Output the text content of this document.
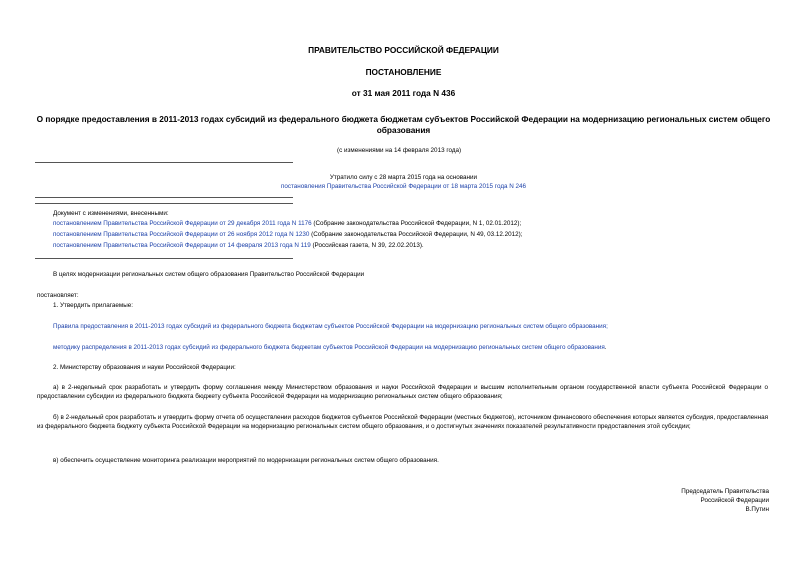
ПРАВИТЕЛЬСТВО РОССИЙСКОЙ ФЕДЕРАЦИИ
ПОСТАНОВЛЕНИЕ
от 31 мая 2011 года N 436
О порядке предоставления в 2011-2013 годах субсидий из федерального бюджета бюджетам субъектов Российской Федерации на модернизацию региональных систем общего образования
(с изменениями на 14 февраля 2013 года)
Утратило силу с 28 марта 2015 года на основании
постановления Правительства Российской Федерации от 18 марта 2015 года N 246
Документ с изменениями, внесенными:
постановлением Правительства Российской Федерации от 29 декабря 2011 года N 1176 (Собрание законодательства Российской Федерации, N 1, 02.01.2012);
постановлением Правительства Российской Федерации от 26 ноября 2012 года N 1230 (Собрание законодательства Российской Федерации, N 49, 03.12.2012);
постановлением Правительства Российской Федерации от 14 февраля 2013 года N 119 (Российская газета, N 39, 22.02.2013).
В целях модернизации региональных систем общего образования Правительство Российской Федерации
постановляет:
1. Утвердить прилагаемые:
Правила предоставления в 2011-2013 годах субсидий из федерального бюджета бюджетам субъектов Российской Федерации на модернизацию региональных систем общего образования;
методику распределения в 2011-2013 годах субсидий из федерального бюджета бюджетам субъектов Российской Федерации на модернизацию региональных систем общего образования.
2. Министерству образования и науки Российской Федерации:
а) в 2-недельный срок разработать и утвердить форму соглашения между Министерством образования и науки Российской Федерации и высшим исполнительным органом государственной власти субъекта Российской Федерации о предоставлении субсидии из федерального бюджета бюджету субъекта Российской Федерации на модернизацию региональных систем общего образования;
б) в 2-недельный срок разработать и утвердить форму отчета об осуществлении расходов бюджетов субъектов Российской Федерации (местных бюджетов), источником финансового обеспечения которых является субсидия, предоставленная из федерального бюджета бюджету субъекта Российской Федерации на модернизацию региональных систем общего образования, и о достигнутых значениях показателей результативности предоставления этой субсидии;
в) обеспечить осуществление мониторинга реализации мероприятий по модернизации региональных систем общего образования.
Председатель Правительства
Российской Федерации
В.Путин
